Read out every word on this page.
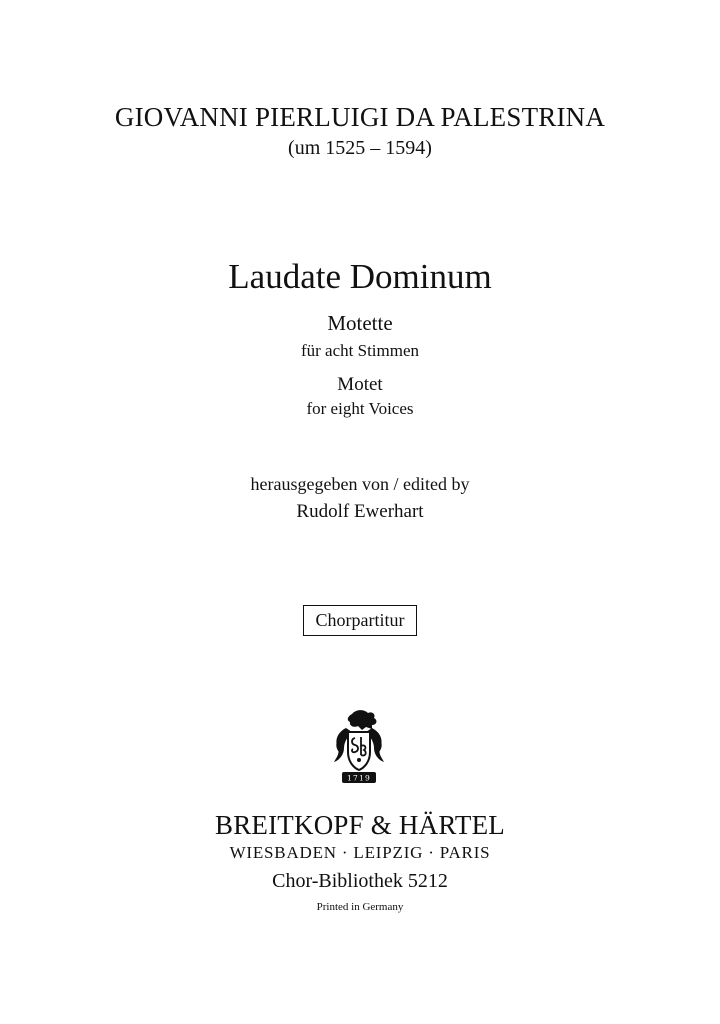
GIOVANNI PIERLUIGI DA PALESTRINA
(um 1525 – 1594)
Laudate Dominum
Motette
für acht Stimmen
Motet
for eight Voices
herausgegeben von / edited by
Rudolf Ewerhart
Chorpartitur
1719
BREITKOPF & HÄRTEL
WIESBADEN · LEIPZIG · PARIS
Chor-Bibliothek 5212
Printed in Germany
